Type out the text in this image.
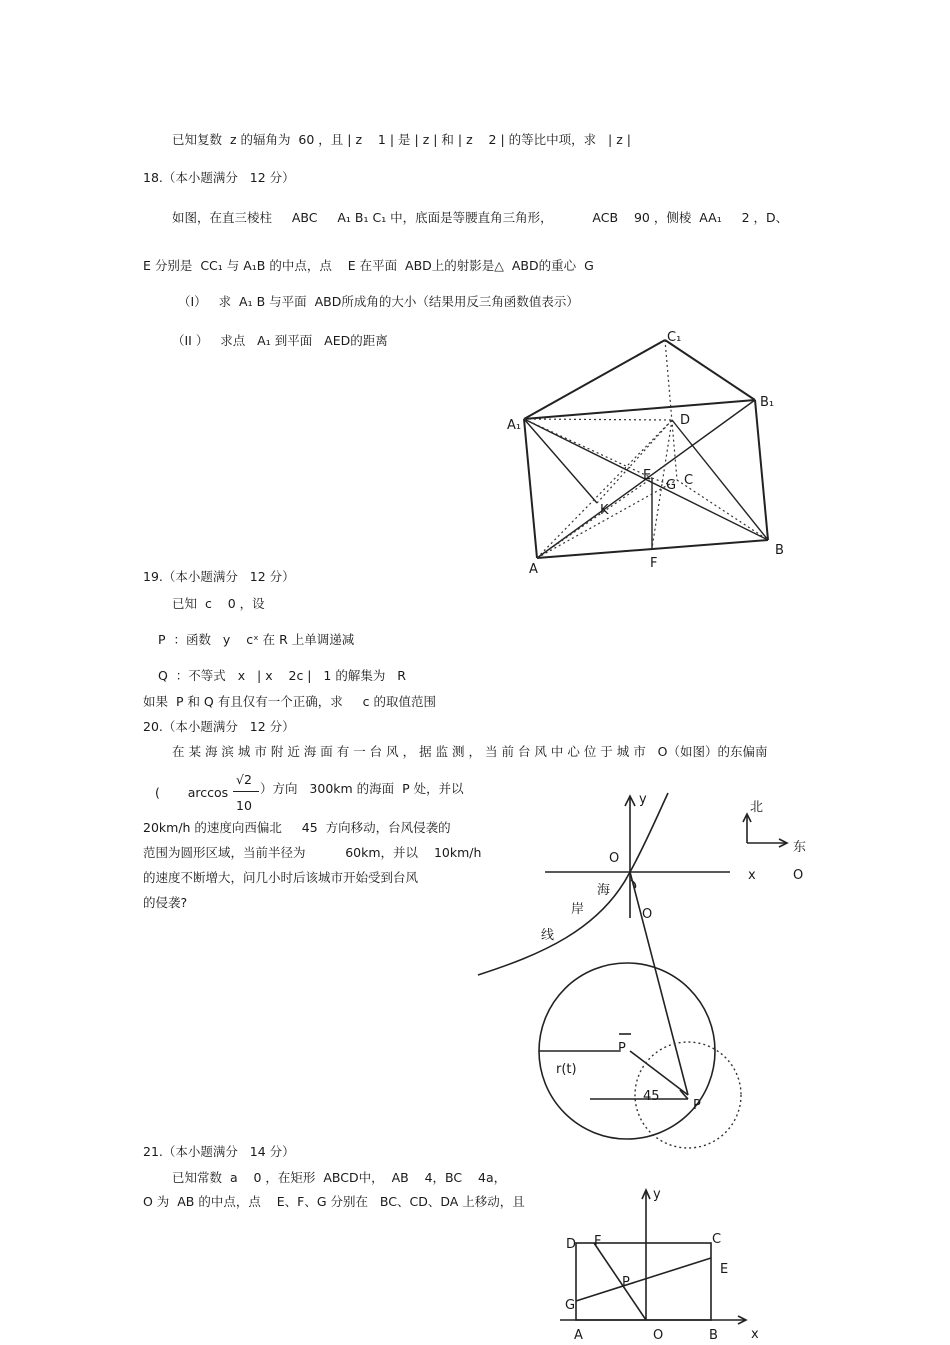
已知复数  z 的辐角为  60 ，且 | z    1 | 是 | z | 和 | z    2 | 的等比中项，求   | z |
18.（本小题满分   12 分）
如图，在直三棱柱     ABC     A₁ B₁ C₁ 中，底面是等腰直角三角形，          ACB    90 ，侧棱  AA₁     2 ，D、
E 分别是  CC₁ 与 A₁B 的中点，点    E 在平面  ABD上的射影是△  ABD的重心  G
（I）   求  A₁ B 与平面  ABD所成角的大小（结果用反三角函数值表示）
（II ）   求点   A₁ 到平面   AED的距离	C₁
B₁
A₁	D
E
G C
K
B
A	F
19.（本小题满分   12 分）
已知  c    0 ，设
P  ：函数   y    cˣ 在 R 上单调递减
Q  ：不等式   x   | x    2c |   1 的解集为   R
如果  P 和 Q 有且仅有一个正确，求     c 的取值范围
20.（本小题满分   12 分）
在 某 海 滨 城 市 附 近 海 面 有 一 台 风 ， 据 监 测 ， 当 前 台 风 中 心 位 于 城 市   O（如图）的东偏南
(       arccos
√2
10
）方向   300km 的海面  P 处，并以
20km/h 的速度向西偏北     45  方向移动，台风侵袭的
范围为圆形区域，当前半径为          60km，并以    10km/h
的速度不断增大，问几小时后该城市开始受到台风
的侵袭?
y
x
O
O
O
北
东
海
岸
线
P
r(t)
45
P
21.（本小题满分   14 分）
已知常数  a    0 ，在矩形  ABCD中，  AB    4，BC    4a，
O 为  AB 的中点，点    E、F、G 分别在   BC、CD、DA 上移动，且	y
x
D F	C
E
P
G
A	O	B
